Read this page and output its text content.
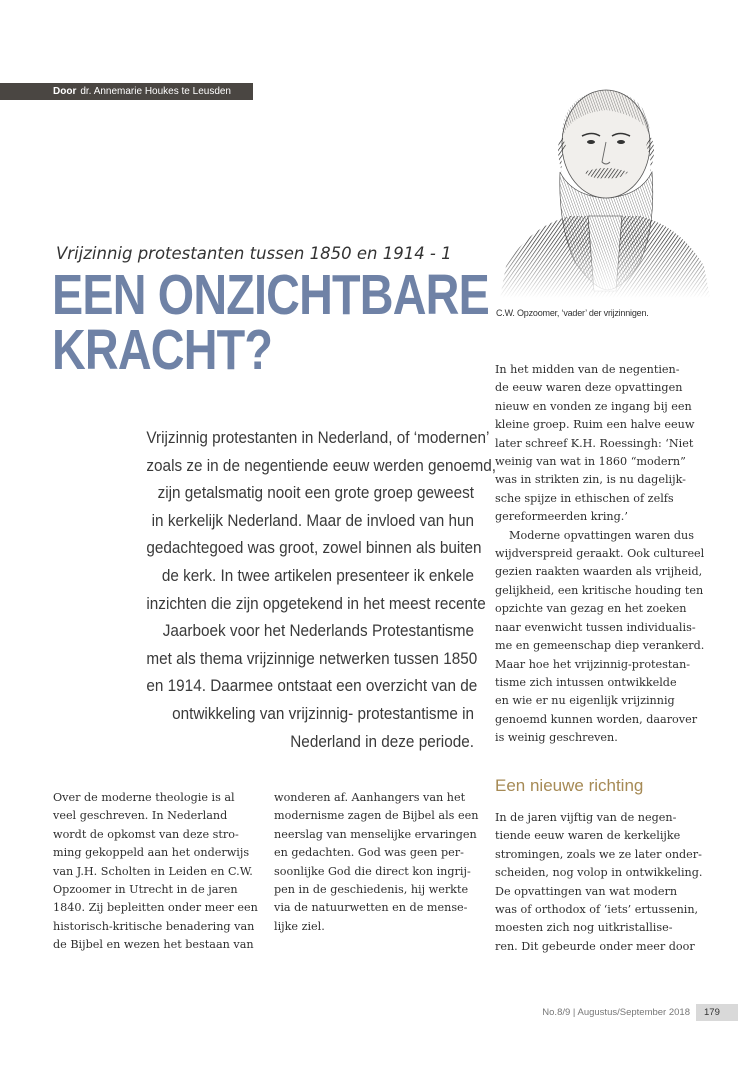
Door dr. Annemarie Houkes te Leusden
C.W. Opzoomer, ‘vader’ der vrijzinnigen.
Vrijzinnig protestanten tussen 1850 en 1914 - 1
EEN ONZICHTBARE
KRACHT?
Vrijzinnig protestanten in Nederland, of ‘modernen’
zoals ze in de negentiende eeuw werden genoemd,
zijn getalsmatig nooit een grote groep geweest
in kerkelijk Nederland. Maar de invloed van hun
gedachtegoed was groot, zowel binnen als buiten
de kerk. In twee artikelen presenteer ik enkele
inzichten die zijn opgetekend in het meest recente
Jaarboek voor het Nederlands Protestantisme
met als thema vrijzinnige netwerken tussen 1850
en 1914. Daarmee ontstaat een overzicht van de
ontwikkeling van vrijzinnig- protestantisme in
Nederland in deze periode.
In het midden van de negentien-
de eeuw waren deze opvattingen
nieuw en vonden ze ingang bij een
kleine groep. Ruim een halve eeuw
later schreef K.H. Roessingh: ‘Niet
weinig van wat in 1860 “modern”
was in strikten zin, is nu dagelijk-
sche spijze in ethischen of zelfs
gereformeerden kring.’
Moderne opvattingen waren dus
wijdverspreid geraakt. Ook cultureel
gezien raakten waarden als vrijheid,
gelijkheid, een kritische houding ten
opzichte van gezag en het zoeken
naar evenwicht tussen individualis-
me en gemeenschap diep verankerd.
Maar hoe het vrijzinnig-protestan-
tisme zich intussen ontwikkelde
en wie er nu eigenlijk vrijzinnig
genoemd kunnen worden, daarover
is weinig geschreven.
Over de moderne theologie is al
veel geschreven. In Nederland
wordt de opkomst van deze stro-
ming gekoppeld aan het onderwijs
van J.H. Scholten in Leiden en C.W.
Opzoomer in Utrecht in de jaren
1840. Zij bepleitten onder meer een
historisch-kritische benadering van
de Bijbel en wezen het bestaan van
wonderen af. Aanhangers van het
modernisme zagen de Bijbel als een
neerslag van menselijke ervaringen
en gedachten. God was geen per-
soonlijke God die direct kon ingrij-
pen in de geschiedenis, hij werkte
via de natuurwetten en de mense-
lijke ziel.
Een nieuwe richting
In de jaren vijftig van de negen-
tiende eeuw waren de kerkelijke
stromingen, zoals we ze later onder-
scheiden, nog volop in ontwikkeling.
De opvattingen van wat modern
was of orthodox of ‘iets’ ertussenin,
moesten zich nog uitkristallise-
ren. Dit gebeurde onder meer door
No.8/9 | Augustus/September 2018	179
